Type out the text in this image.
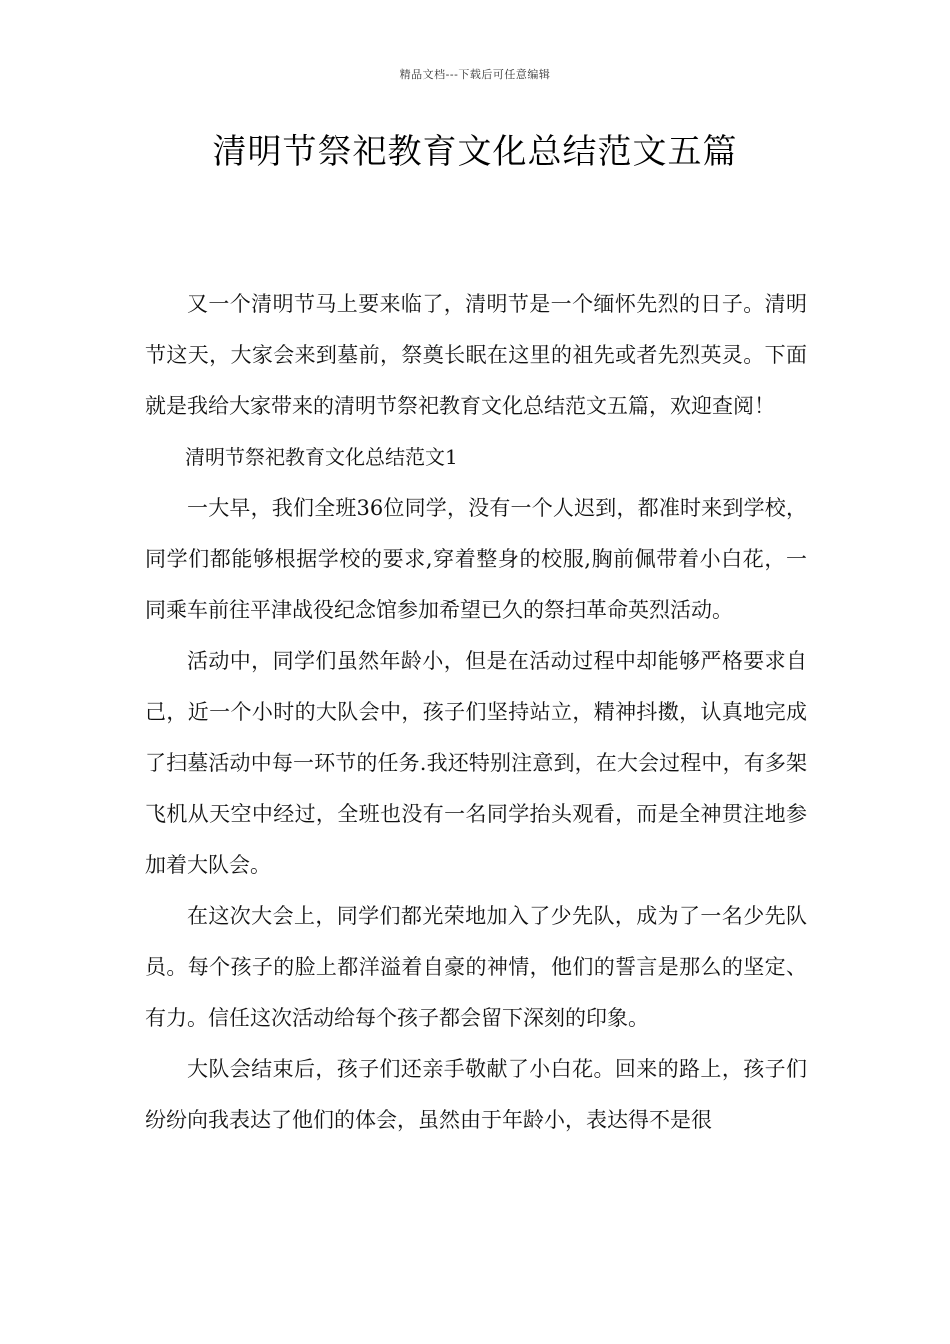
精品文档---下载后可任意编辑
清明节祭祀教育文化总结范文五篇

又一个清明节马上要来临了，清明节是一个缅怀先烈的日子。清明节这天，大家会来到墓前，祭奠长眠在这里的祖先或者先烈英灵。下面就是我给大家带来的清明节祭祀教育文化总结范文五篇，欢迎查阅！

清明节祭祀教育文化总结范文1

一大早，我们全班36位同学，没有一个人迟到，都准时来到学校，同学们都能够根据学校的要求,穿着整身的校服,胸前佩带着小白花，一同乘车前往平津战役纪念馆参加希望已久的祭扫革命英烈活动。

活动中，同学们虽然年龄小，但是在活动过程中却能够严格要求自己，近一个小时的大队会中，孩子们坚持站立，精神抖擞，认真地完成了扫墓活动中每一环节的任务.我还特别注意到，在大会过程中，有多架飞机从天空中经过，全班也没有一名同学抬头观看，而是全神贯注地参加着大队会。

在这次大会上，同学们都光荣地加入了少先队，成为了一名少先队员。每个孩子的脸上都洋溢着自豪的神情，他们的誓言是那么的坚定、有力。信任这次活动给每个孩子都会留下深刻的印象。

大队会结束后，孩子们还亲手敬献了小白花。回来的路上，孩子们纷纷向我表达了他们的体会，虽然由于年龄小，表达得不是很
